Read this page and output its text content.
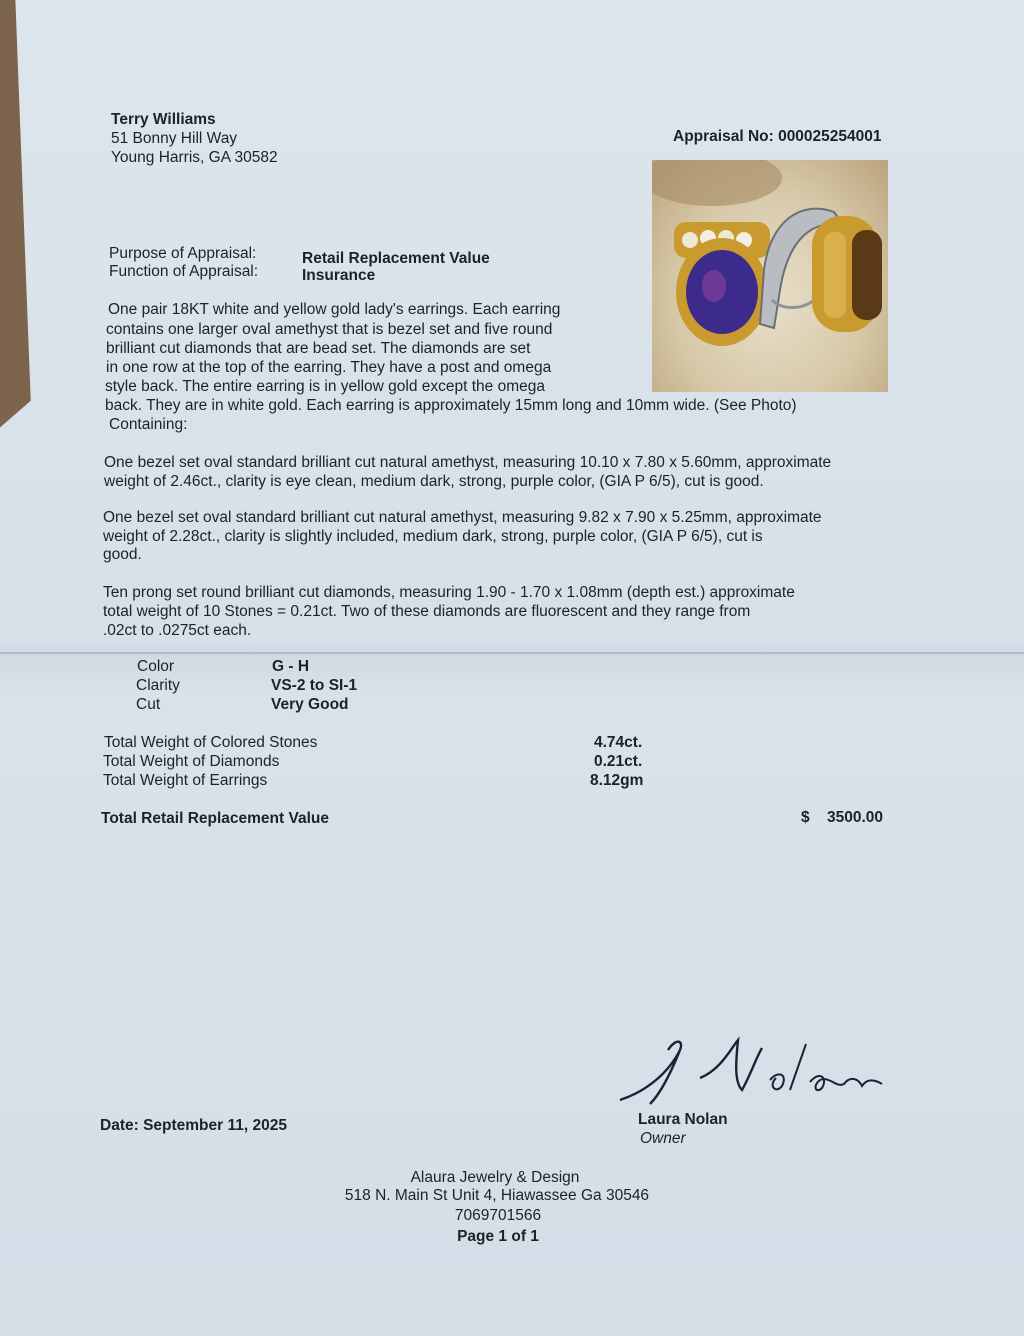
Terry Williams
51 Bonny Hill Way
Young Harris, GA 30582
Appraisal No: 000025254001
Purpose of Appraisal:	Retail Replacement Value
Function of Appraisal:	Insurance
One pair 18KT white and yellow gold lady's earrings. Each earring
contains one larger oval amethyst that is bezel set and five round
brilliant cut diamonds that are bead set. The diamonds are set
in one row at the top of the earring. They have a post and omega
style back. The entire earring is in yellow gold except the omega
back. They are in white gold. Each earring is approximately 15mm long and 10mm wide. (See Photo)
Containing:
One bezel set oval standard brilliant cut natural amethyst, measuring 10.10 x 7.80 x 5.60mm, approximate
weight of 2.46ct., clarity is eye clean, medium dark, strong, purple color, (GIA P 6/5), cut is good.
One bezel set oval standard brilliant cut natural amethyst, measuring 9.82 x 7.90 x 5.25mm, approximate
weight of 2.28ct., clarity is slightly included, medium dark, strong, purple color, (GIA P 6/5), cut is
good.
Ten prong set round brilliant cut diamonds, measuring 1.90 - 1.70 x 1.08mm (depth est.) approximate
total weight of 10 Stones = 0.21ct. Two of these diamonds are fluorescent and they range from
.02ct to .0275ct each.
Color	G - H
Clarity	VS-2 to SI-1
Cut	Very Good
Total Weight of Colored Stones	4.74ct.
Total Weight of Diamonds	0.21ct.
Total Weight of Earrings	8.12gm
Total Retail Replacement Value	$ 3500.00
Date: September 11, 2025	Laura Nolan
Owner
Alaura Jewelry & Design
518 N. Main St Unit 4, Hiawassee Ga 30546
7069701566
Page 1 of 1
